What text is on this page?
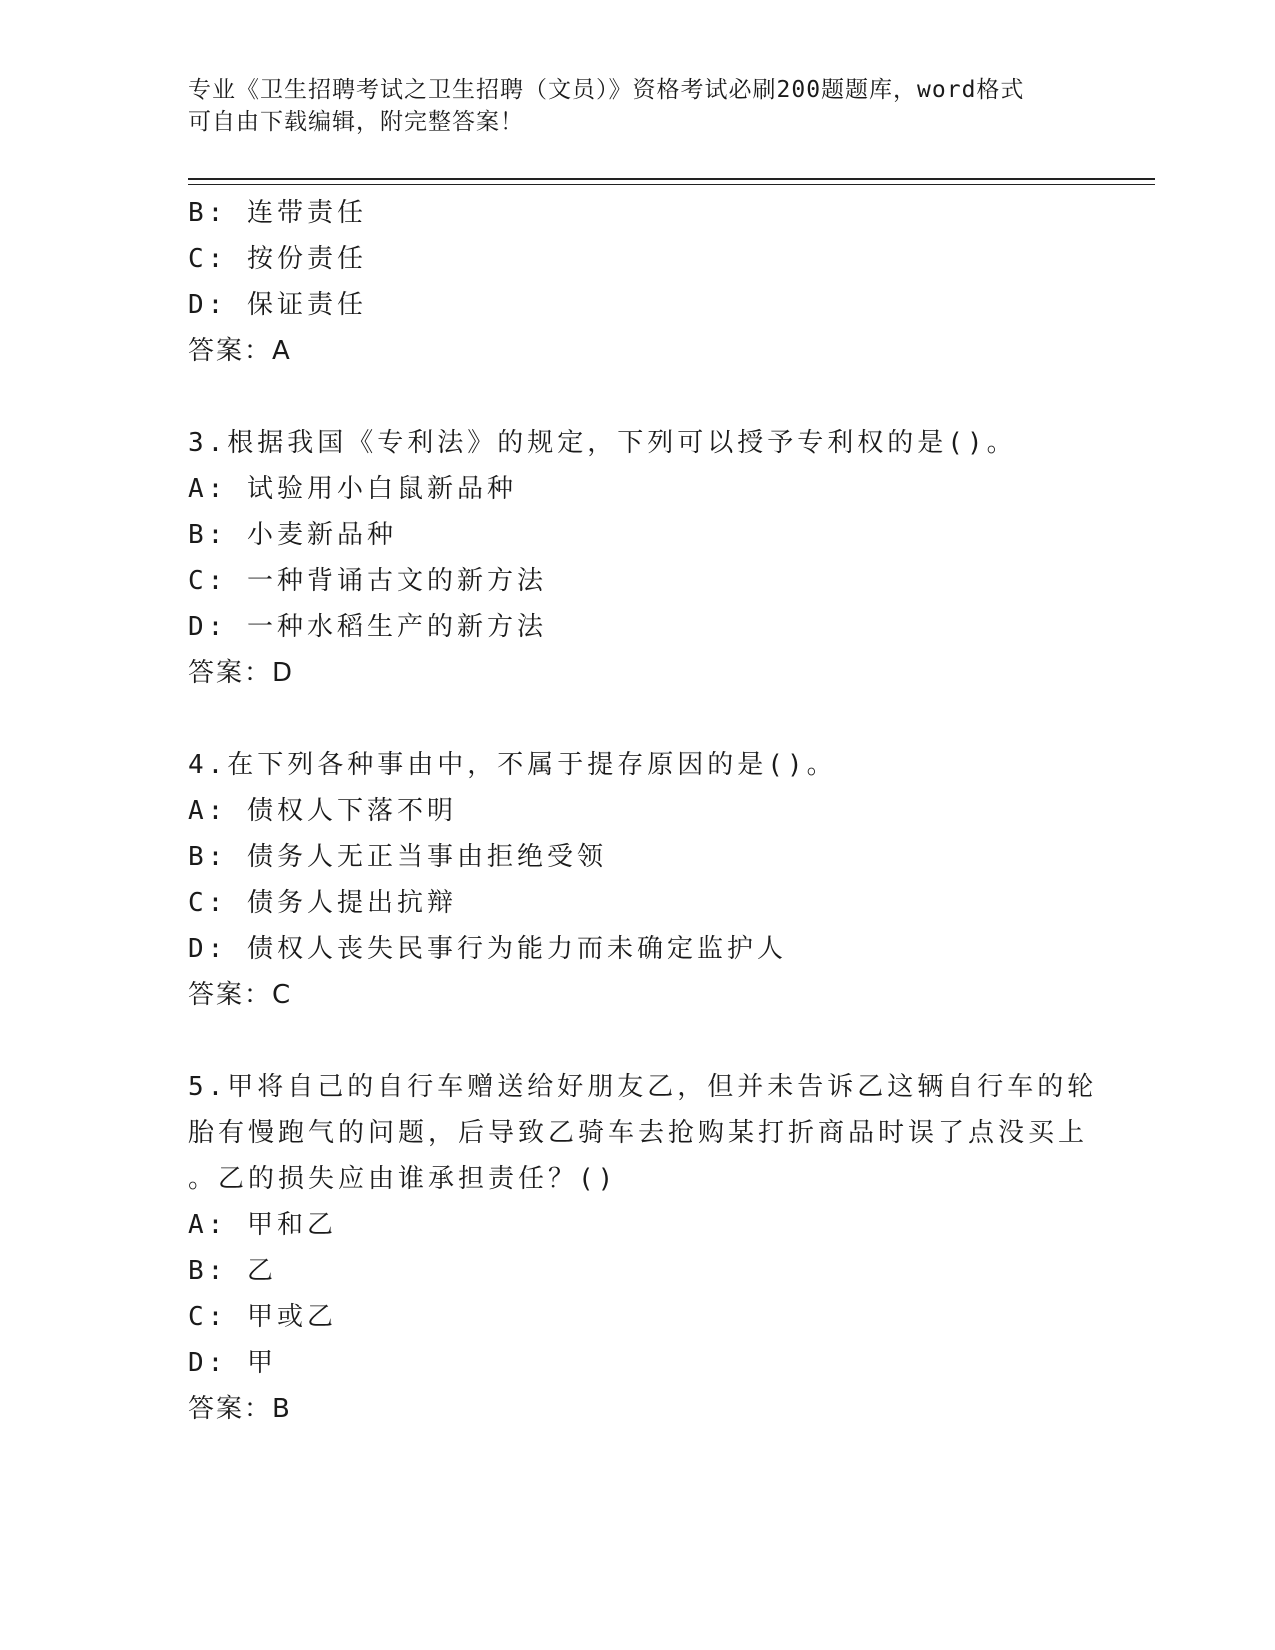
专业《卫生招聘考试之卫生招聘（文员）》资格考试必刷200题题库，word格式
可自由下载编辑，附完整答案！
B: 连带责任
C: 按份责任
D: 保证责任
答案：A
3.根据我国《专利法》的规定，下列可以授予专利权的是()。
A: 试验用小白鼠新品种
B: 小麦新品种
C: 一种背诵古文的新方法
D: 一种水稻生产的新方法
答案：D
4.在下列各种事由中，不属于提存原因的是()。
A: 债权人下落不明
B: 债务人无正当事由拒绝受领
C: 债务人提出抗辩
D: 债权人丧失民事行为能力而未确定监护人
答案：C
5.甲将自己的自行车赠送给好朋友乙，但并未告诉乙这辆自行车的轮
胎有慢跑气的问题，后导致乙骑车去抢购某打折商品时误了点没买上
。乙的损失应由谁承担责任？()
A: 甲和乙
B: 乙
C: 甲或乙
D: 甲
答案：B
